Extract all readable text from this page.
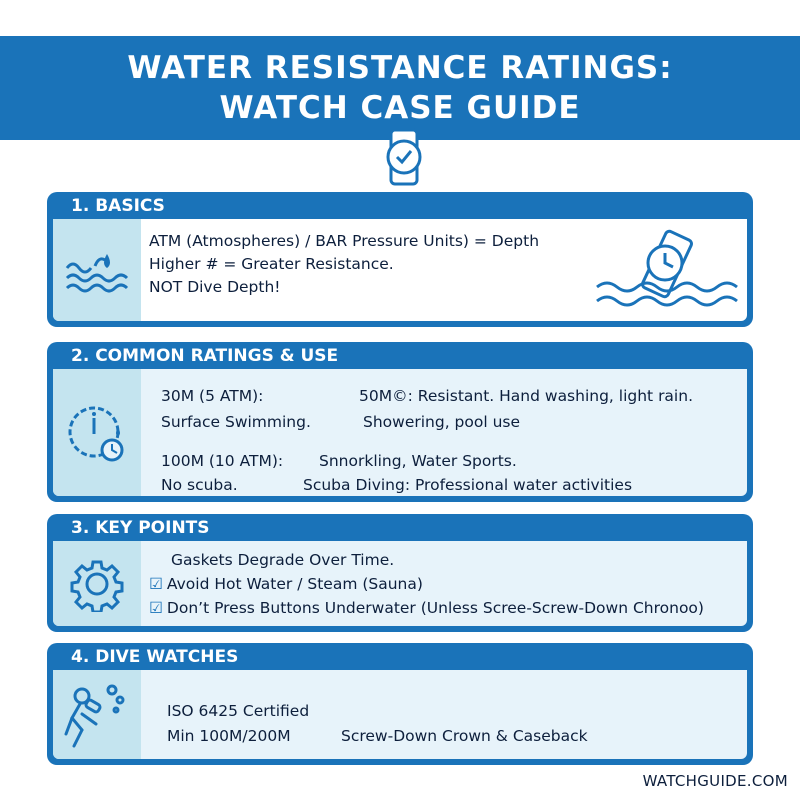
WATER RESISTANCE RATINGS:
WATCH CASE GUIDE
1. BASICS
ATM (Atmospheres) / BAR Pressure Units) = Depth
Higher # = Greater Resistance.
NOT Dive Depth!
2. COMMON RATINGS & USE
30M (5 ATM):
Surface Swimming.
50M©: Resistant. Hand washing, light rain.
Showering, pool use
100M (10 ATM): Snnorkling, Water Sports.
No scuba.	Scuba Diving: Professional water activities
3. KEY POINTS
Gaskets Degrade Over Time.
☑ Avoid Hot Water / Steam (Sauna)
☑ Don’t Press Buttons Underwater (Unless Scree-Screw-Down Chronoo)
4. DIVE WATCHES
ISO 6425 Certified
Min 100M/200M	Screw-Down Crown & Caseback
WATCHGUIDE.COM
